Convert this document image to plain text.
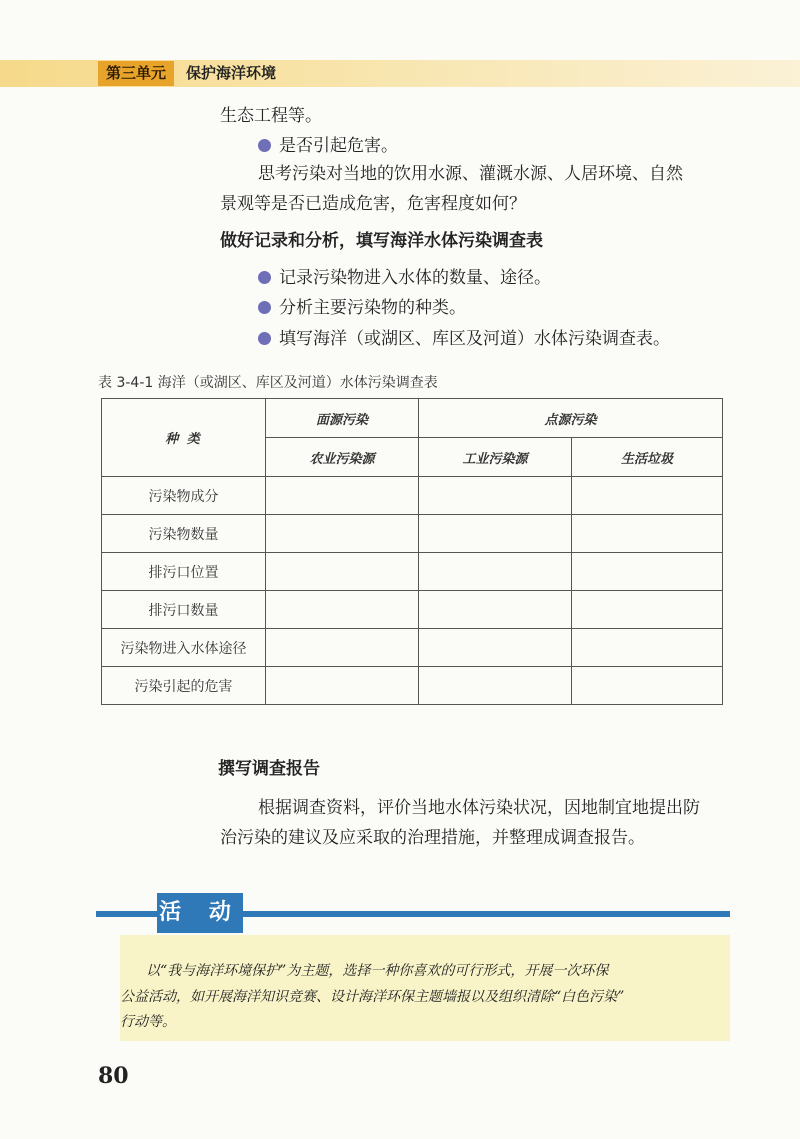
第三单元	保护海洋环境
生态工程等。
是否引起危害。
思考污染对当地的饮用水源、灌溉水源、人居环境、自然
景观等是否已造成危害，危害程度如何？
做好记录和分析，填写海洋水体污染调查表
记录污染物进入水体的数量、途径。
分析主要污染物的种类。
填写海洋（或湖区、库区及河道）水体污染调查表。
表 3-4-1 海洋（或湖区、库区及河道）水体污染调查表
种 类	面源污染	点源污染	
	农业污染源	工业污染源	生活垃圾
污染物成分			
污染物数量			
排污口位置			
排污口数量			
污染物进入水体途径			
污染引起的危害			
撰写调查报告
根据调查资料，评价当地水体污染状况，因地制宜地提出防
治污染的建议及应采取的治理措施，并整理成调查报告。
活 动
以“我与海洋环境保护”为主题，选择一种你喜欢的可行形式，开展一次环保
公益活动，如开展海洋知识竞赛、设计海洋环保主题墙报以及组织清除“白色污染”
行动等。
80
